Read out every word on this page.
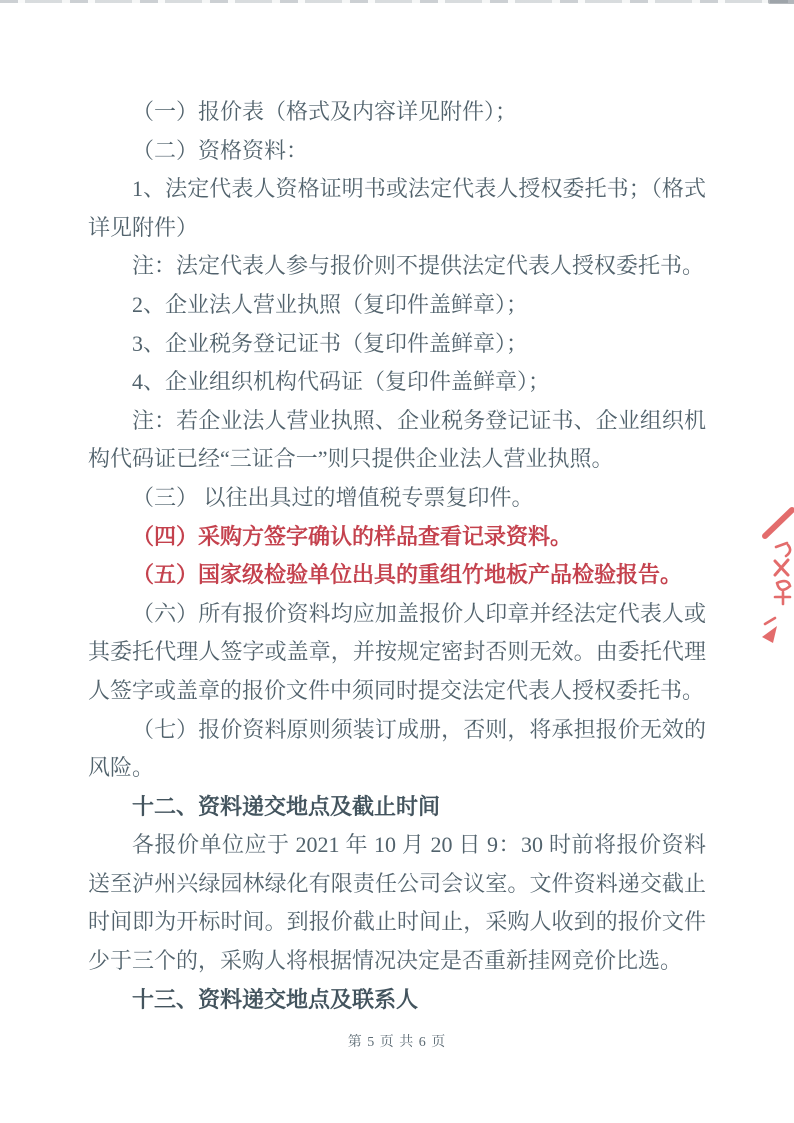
（一）报价表（格式及内容详见附件）；

（二）资格资料：

1、法定代表人资格证明书或法定代表人授权委托书；（格式详见附件）

注：法定代表人参与报价则不提供法定代表人授权委托书。

2、企业法人营业执照（复印件盖鲜章）；

3、企业税务登记证书（复印件盖鲜章）；

4、企业组织机构代码证（复印件盖鲜章）；

注：若企业法人营业执照、企业税务登记证书、企业组织机构代码证已经“三证合一”则只提供企业法人营业执照。

（三） 以往出具过的增值税专票复印件。

（四）采购方签字确认的样品查看记录资料。

（五）国家级检验单位出具的重组竹地板产品检验报告。

（六）所有报价资料均应加盖报价人印章并经法定代表人或其委托代理人签字或盖章，并按规定密封否则无效。由委托代理人签字或盖章的报价文件中须同时提交法定代表人授权委托书。

（七）报价资料原则须装订成册，否则，将承担报价无效的风险。

十二、资料递交地点及截止时间

各报价单位应于 2021 年 10 月 20 日 9：30 时前将报价资料送至泸州兴绿园林绿化有限责任公司会议室。文件资料递交截止时间即为开标时间。到报价截止时间止，采购人收到的报价文件少于三个的，采购人将根据情况决定是否重新挂网竞价比选。

十三、资料递交地点及联系人

第 5 页 共 6 页
